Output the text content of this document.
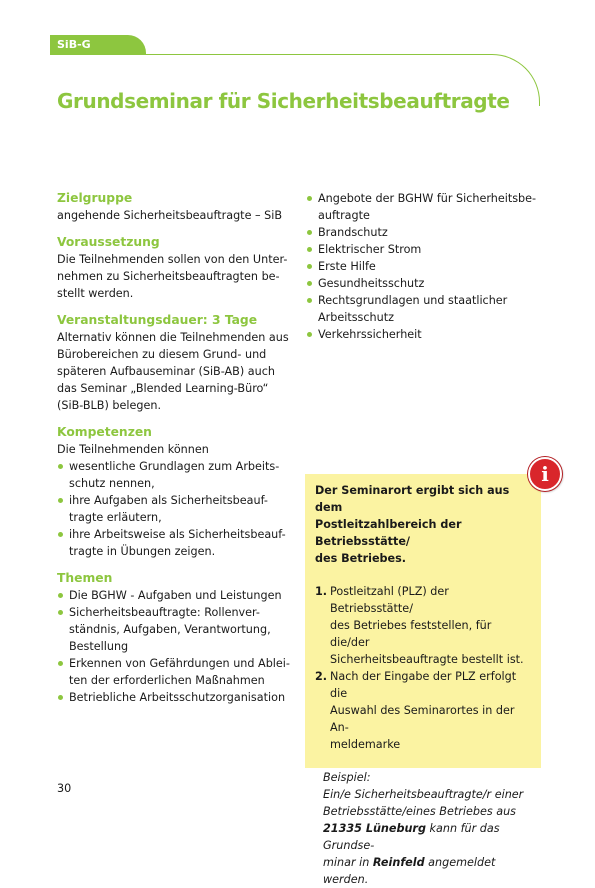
SiB-G
Grundseminar für Sicherheitsbeauftragte

Zielgruppe

angehende Sicherheitsbeauftragte – SiB

Voraussetzung

Die Teilnehmenden sollen von den Unter-
nehmen zu Sicherheitsbeauftragten be-
stellt werden.

Veranstaltungsdauer: 3 Tage

Alternativ können die Teilnehmenden aus
Bürobereichen zu diesem Grund- und
späteren Aufbauseminar (SiB-AB) auch
das Seminar „Blended Learning-Büro“
(SiB-BLB) belegen.

Kompetenzen

Die Teilnehmenden können

wesentliche Grundlagen zum Arbeits-
schutz nennen,
ihre Aufgaben als Sicherheitsbeauf-
tragte erläutern,
ihre Arbeitsweise als Sicherheitsbeauf-
tragte in Übungen zeigen.

Themen

Die BGHW - Aufgaben und Leistungen
Sicherheitsbeauftragte: Rollenver-
ständnis, Aufgaben, Verantwortung,
Bestellung
Erkennen von Gefährdungen und Ablei-
ten der erforderlichen Maßnahmen
Betriebliche Arbeitsschutzorganisation
Angebote der BGHW für Sicherheitsbe-
auftragte
Brandschutz
Elektrischer Strom
Erste Hilfe
Gesundheitsschutz
Rechtsgrundlagen und staatlicher
Arbeitsschutz
Verkehrssicherheit
Der Seminarort ergibt sich aus dem
Postleitzahlbereich der Betriebsstätte/
des Betriebes.
1. Postleitzahl (PLZ) der Betriebsstätte/
des Betriebes feststellen, für die/der
Sicherheitsbeauftragte bestellt ist.
2. Nach der Eingabe der PLZ erfolgt die
Auswahl des Seminarortes in der An-
meldemarke
Beispiel:
Ein/e Sicherheitsbeauftragte/r einer
Betriebsstätte/eines Betriebes aus
21335 Lüneburg kann für das Grundse-
minar in Reinfeld angemeldet werden.
i
30
